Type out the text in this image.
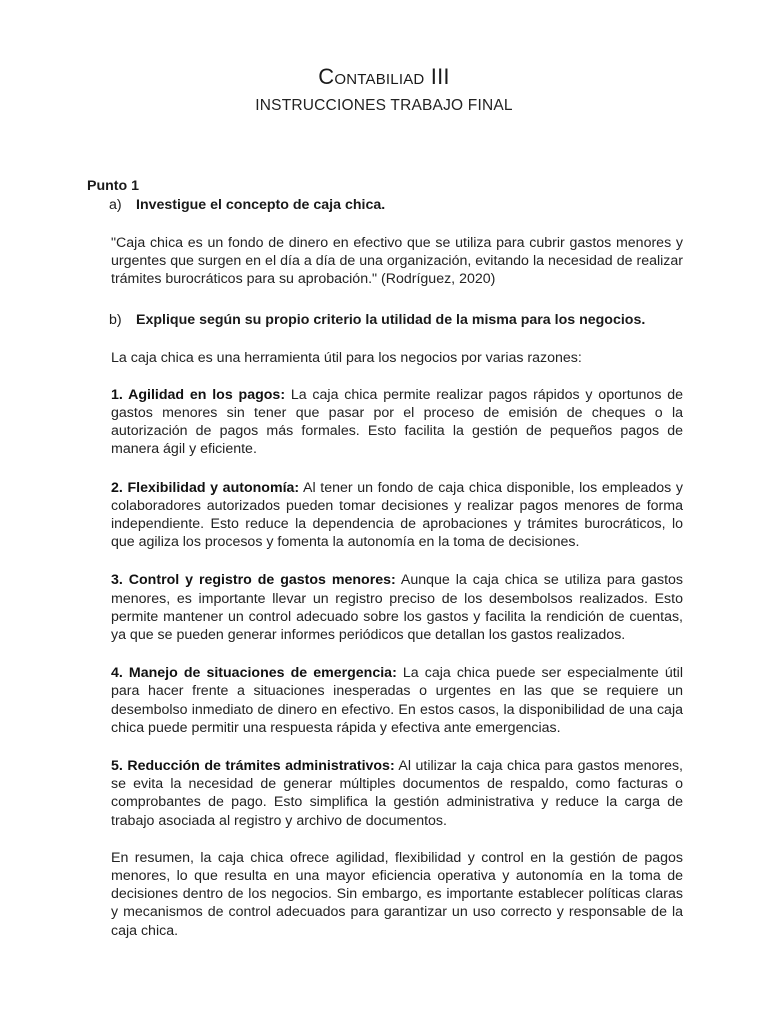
Contabiliad III
INSTRUCCIONES TRABAJO FINAL
Punto 1
a)	Investigue el concepto de caja chica.
"Caja chica es un fondo de dinero en efectivo que se utiliza para cubrir gastos menores y urgentes que surgen en el día a día de una organización, evitando la necesidad de realizar trámites burocráticos para su aprobación." (Rodríguez, 2020)
b)	Explique según su propio criterio la utilidad de la misma para los negocios.
La caja chica es una herramienta útil para los negocios por varias razones:
1. Agilidad en los pagos: La caja chica permite realizar pagos rápidos y oportunos de gastos menores sin tener que pasar por el proceso de emisión de cheques o la autorización de pagos más formales. Esto facilita la gestión de pequeños pagos de manera ágil y eficiente.
2. Flexibilidad y autonomía: Al tener un fondo de caja chica disponible, los empleados y colaboradores autorizados pueden tomar decisiones y realizar pagos menores de forma independiente. Esto reduce la dependencia de aprobaciones y trámites burocráticos, lo que agiliza los procesos y fomenta la autonomía en la toma de decisiones.
3. Control y registro de gastos menores: Aunque la caja chica se utiliza para gastos menores, es importante llevar un registro preciso de los desembolsos realizados. Esto permite mantener un control adecuado sobre los gastos y facilita la rendición de cuentas, ya que se pueden generar informes periódicos que detallan los gastos realizados.
4. Manejo de situaciones de emergencia: La caja chica puede ser especialmente útil para hacer frente a situaciones inesperadas o urgentes en las que se requiere un desembolso inmediato de dinero en efectivo. En estos casos, la disponibilidad de una caja chica puede permitir una respuesta rápida y efectiva ante emergencias.
5. Reducción de trámites administrativos: Al utilizar la caja chica para gastos menores, se evita la necesidad de generar múltiples documentos de respaldo, como facturas o comprobantes de pago. Esto simplifica la gestión administrativa y reduce la carga de trabajo asociada al registro y archivo de documentos.
En resumen, la caja chica ofrece agilidad, flexibilidad y control en la gestión de pagos menores, lo que resulta en una mayor eficiencia operativa y autonomía en la toma de decisiones dentro de los negocios. Sin embargo, es importante establecer políticas claras y mecanismos de control adecuados para garantizar un uso correcto y responsable de la caja chica.
